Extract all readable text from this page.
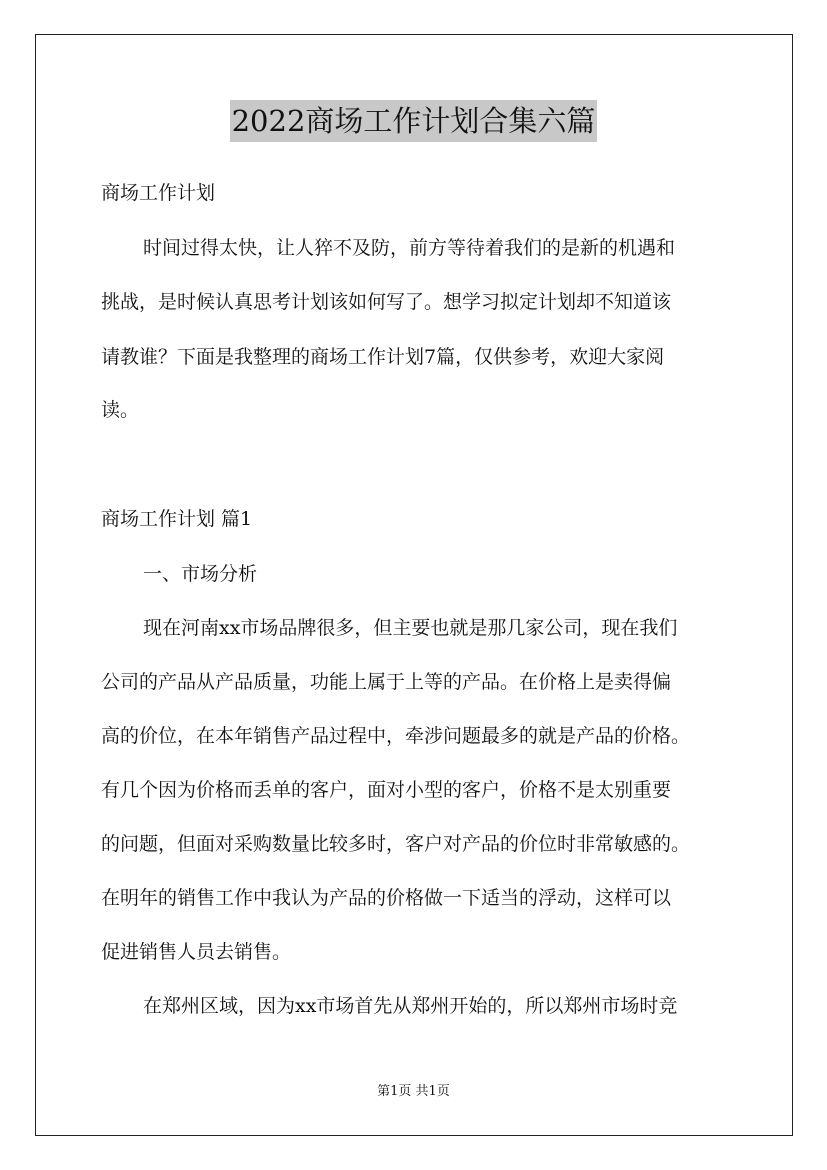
2022商场工作计划合集六篇

商场工作计划

时间过得太快，让人猝不及防，前方等待着我们的是新的机遇和

挑战，是时候认真思考计划该如何写了。想学习拟定计划却不知道该

请教谁？下面是我整理的商场工作计划7篇，仅供参考，欢迎大家阅

读。

商场工作计划 篇1

一、市场分析

现在河南xx市场品牌很多，但主要也就是那几家公司，现在我们

公司的产品从产品质量，功能上属于上等的产品。在价格上是卖得偏

高的价位，在本年销售产品过程中，牵涉问题最多的就是产品的价格。

有几个因为价格而丢单的客户，面对小型的客户，价格不是太别重要

的问题，但面对采购数量比较多时，客户对产品的价位时非常敏感的。

在明年的销售工作中我认为产品的价格做一下适当的浮动，这样可以

促进销售人员去销售。

在郑州区域，因为xx市场首先从郑州开始的，所以郑州市场时竞

第1页 共1页
